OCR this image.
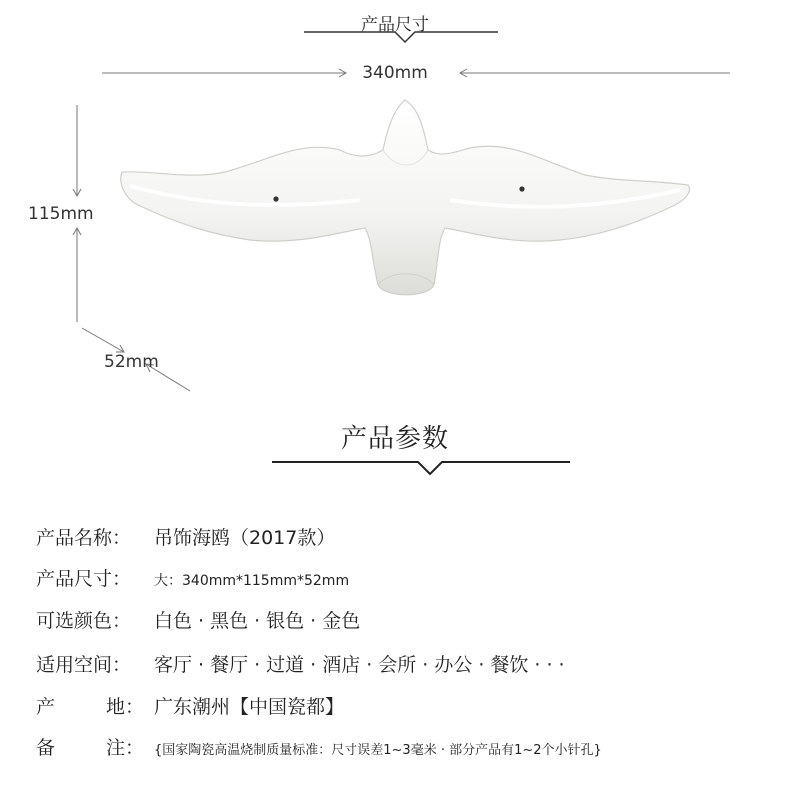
产品尺寸
340mm
115mm
52mm
产品参数
产品名称： 吊饰海鸥（2017款）
产品尺寸： 大：340mm*115mm*52mm
可选颜色： 白色 · 黑色 · 银色 · 金色
适用空间： 客厅 · 餐厅 · 过道 · 酒店 · 会所 · 办公 · 餐饮 · · ·
产	地： 广东潮州【中国瓷都】
备	注： {国家陶瓷高温烧制质量标准：尺寸误差1~3毫米 · 部分产品有1~2个小针孔}
